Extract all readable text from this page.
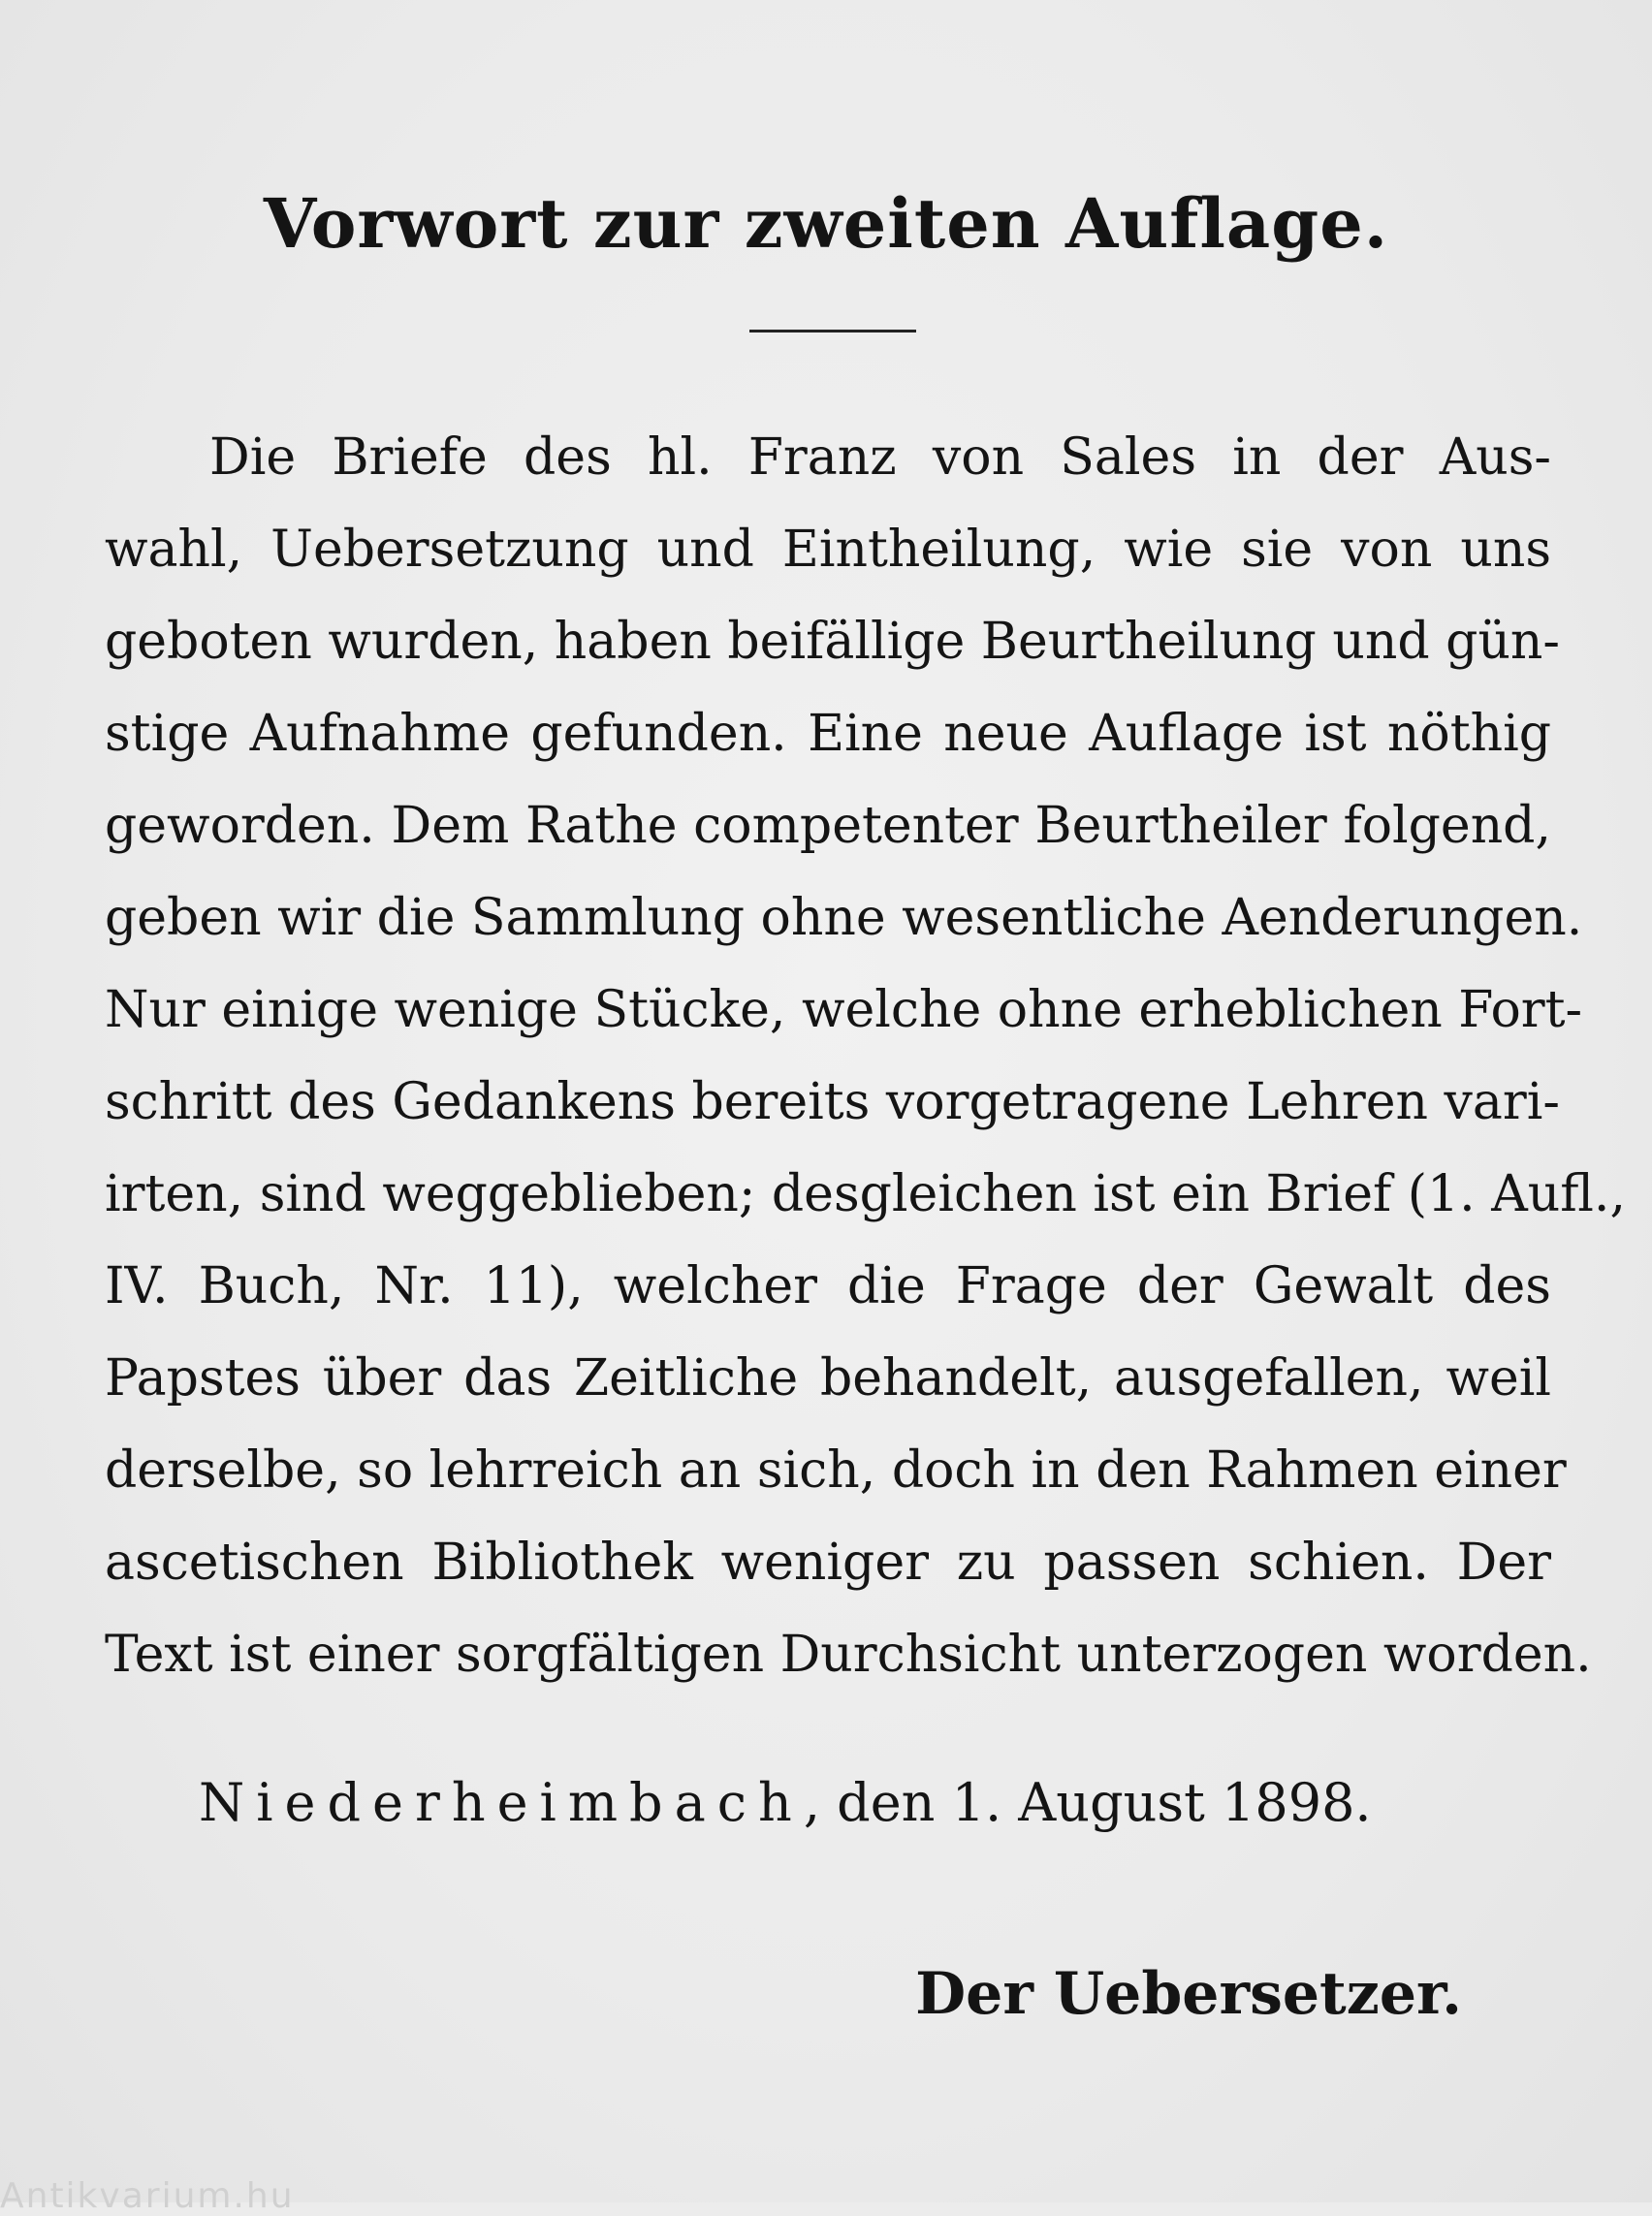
Vorwort zur zweiten Auflage.
Die Briefe des hl. Franz von Sales in der Aus-
wahl, Uebersetzung und Eintheilung, wie sie von uns
geboten wurden, haben beifällige Beurtheilung und gün-
stige Aufnahme gefunden. Eine neue Auflage ist nöthig
geworden. Dem Rathe competenter Beurtheiler folgend,
geben wir die Sammlung ohne wesentliche Aenderungen.
Nur einige wenige Stücke, welche ohne erheblichen Fort-
schritt des Gedankens bereits vorgetragene Lehren vari-
irten, sind weggeblieben; desgleichen ist ein Brief (1. Aufl.,
IV. Buch, Nr. 11), welcher die Frage der Gewalt des
Papstes über das Zeitliche behandelt, ausgefallen, weil
derselbe, so lehrreich an sich, doch in den Rahmen einer
ascetischen Bibliothek weniger zu passen schien. Der
Text ist einer sorgfältigen Durchsicht unterzogen worden.
Niederheimbach, den 1. August 1898.
Der Uebersetzer.
Antikvarium.hu
